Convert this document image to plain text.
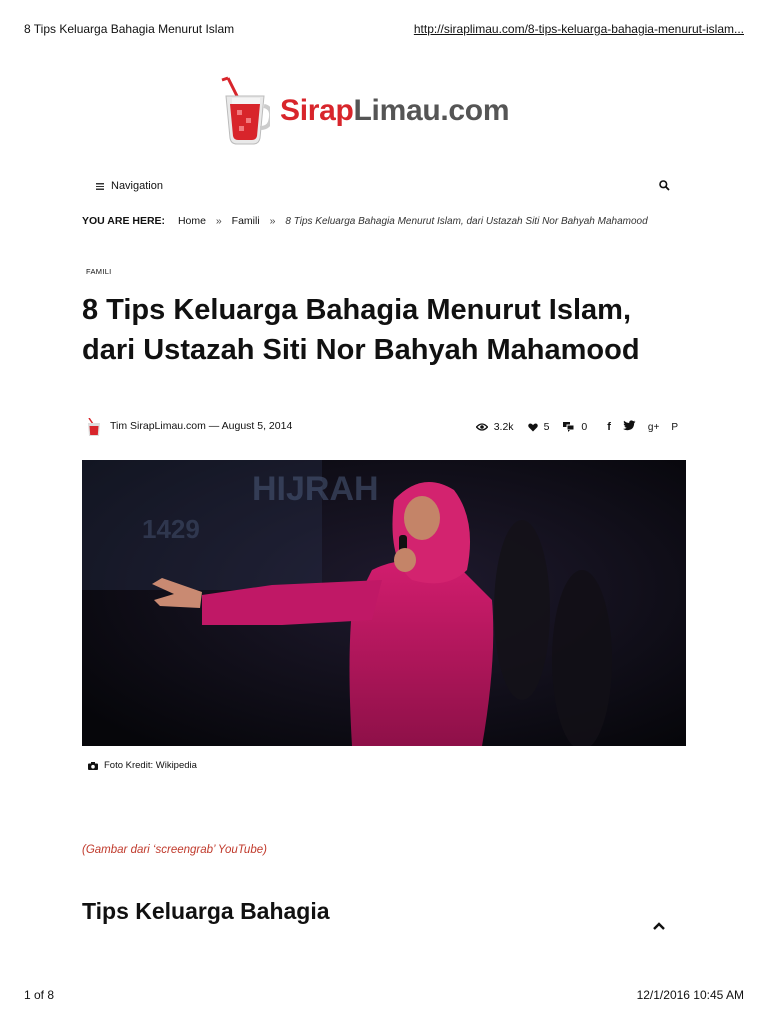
8 Tips Keluarga Bahagia Menurut Islam	http://siraplimau.com/8-tips-keluarga-bahagia-menurut-islam...
SirapLimau.com
Navigation
YOU ARE HERE: Home » Famili » 8 Tips Keluarga Bahagia Menurut Islam, dari Ustazah Siti Nor Bahyah Mahamood
FAMILI
8 Tips Keluarga Bahagia Menurut Islam, dari Ustazah Siti Nor Bahyah Mahamood
Tim SirapLimau.com — August 5, 2014	3.2k	5	0 f	g+ P
HIJRAH
1429
Foto Kredit: Wikipedia
(Gambar dari ‘screengrab’ YouTube)
Tips Keluarga Bahagia
1 of 8	12/1/2016 10:45 AM
